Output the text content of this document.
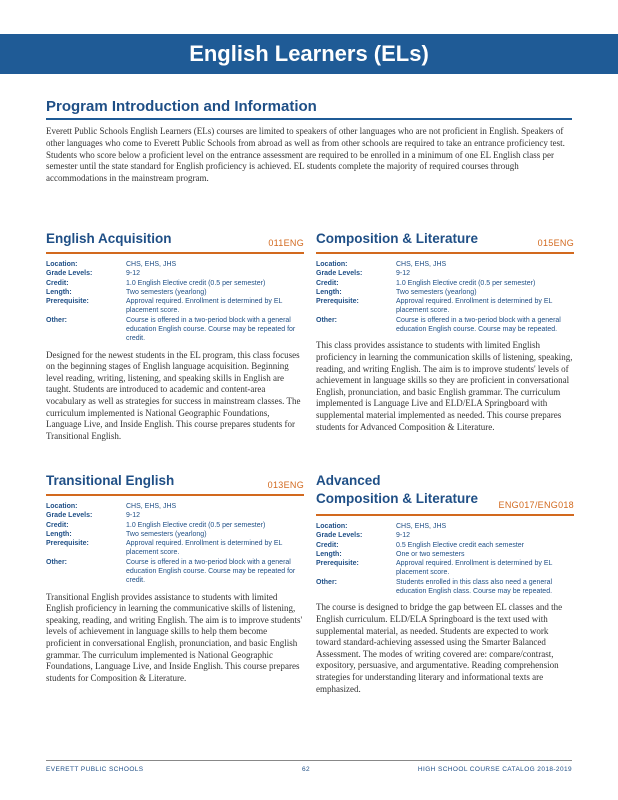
English Learners (ELs)
Program Introduction and Information

Everett Public Schools English Learners (ELs) courses are limited to speakers of other languages who are not proficient in English. Speakers of other languages who come to Everett Public Schools from abroad as well as from other schools are required to take an entrance proficiency test. Students who score below a proficient level on the entrance assessment are required to be enrolled in a minimum of one EL English class per semester until the state standard for English proficiency is achieved. EL students complete the majority of required courses through accommodations in the mainstream program.

English Acquisition	011ENG
Location:	CHS, EHS, JHS
Grade Levels:	9-12
Credit:	1.0 English Elective credit (0.5 per semester)
Length:	Two semesters (yearlong)
Prerequisite:	Approval required. Enrollment is determined by EL placement score.
Other:	Course is offered in a two-period block with a general education English course. Course may be repeated for credit.

Designed for the newest students in the EL program, this class focuses on the beginning stages of English language acquisition. Beginning level reading, writing, listening, and speaking skills in English are taught. Students are introduced to academic and content-area vocabulary as well as strategies for success in mainstream classes. The curriculum implemented is National Geographic Foundations, Language Live, and Inside English. This course prepares students for Transitional English.

Composition & Literature	015ENG
Location:	CHS, EHS, JHS
Grade Levels:	9-12
Credit:	1.0 English Elective credit (0.5 per semester)
Length:	Two semesters (yearlong)
Prerequisite:	Approval required. Enrollment is determined by EL placement score.
Other:	Course is offered in a two-period block with a general education English course. Course may be repeated.

This class provides assistance to students with limited English proficiency in learning the communication skills of listening, speaking, reading, and writing English. The aim is to improve students' levels of achievement in language skills so they are proficient in conversational English, pronunciation, and basic English grammar. The curriculum implemented is Language Live and ELD/ELA Springboard with supplemental material implemented as needed. This course prepares students for Advanced Composition & Literature.

Transitional English	013ENG
Location:	CHS, EHS, JHS
Grade Levels:	9-12
Credit:	1.0 English Elective credit (0.5 per semester)
Length:	Two semesters (yearlong)
Prerequisite:	Approval required. Enrollment is determined by EL placement score.
Other:	Course is offered in a two-period block with a general education English course. Course may be repeated for credit.

Transitional English provides assistance to students with limited English proficiency in learning the communicative skills of listening, speaking, reading, and writing English. The aim is to improve students' levels of achievement in language skills to help them become proficient in conversational English, pronunciation, and basic English grammar. The curriculum implemented is National Geographic Foundations, Language Live, and Inside English. This course prepares students for Composition & Literature.

Advanced
Composition & Literature	ENG017/ENG018
Location:	CHS, EHS, JHS
Grade Levels:	9-12
Credit:	0.5 English Elective credit each semester
Length:	One or two semesters
Prerequisite:	Approval required. Enrollment is determined by EL placement score.
Other:	Students enrolled in this class also need a general education English class. Course may be repeated.

The course is designed to bridge the gap between EL classes and the English curriculum. ELD/ELA Springboard is the text used with supplemental material, as needed. Students are expected to work toward standard-achieving assessed using the Smarter Balanced Assessment. The modes of writing covered are: compare/contrast, expository, persuasive, and argumentative. Reading comprehension strategies for understanding literary and informational texts are emphasized.

EVERETT PUBLIC SCHOOLS	62	HIGH SCHOOL COURSE CATALOG 2018-2019
